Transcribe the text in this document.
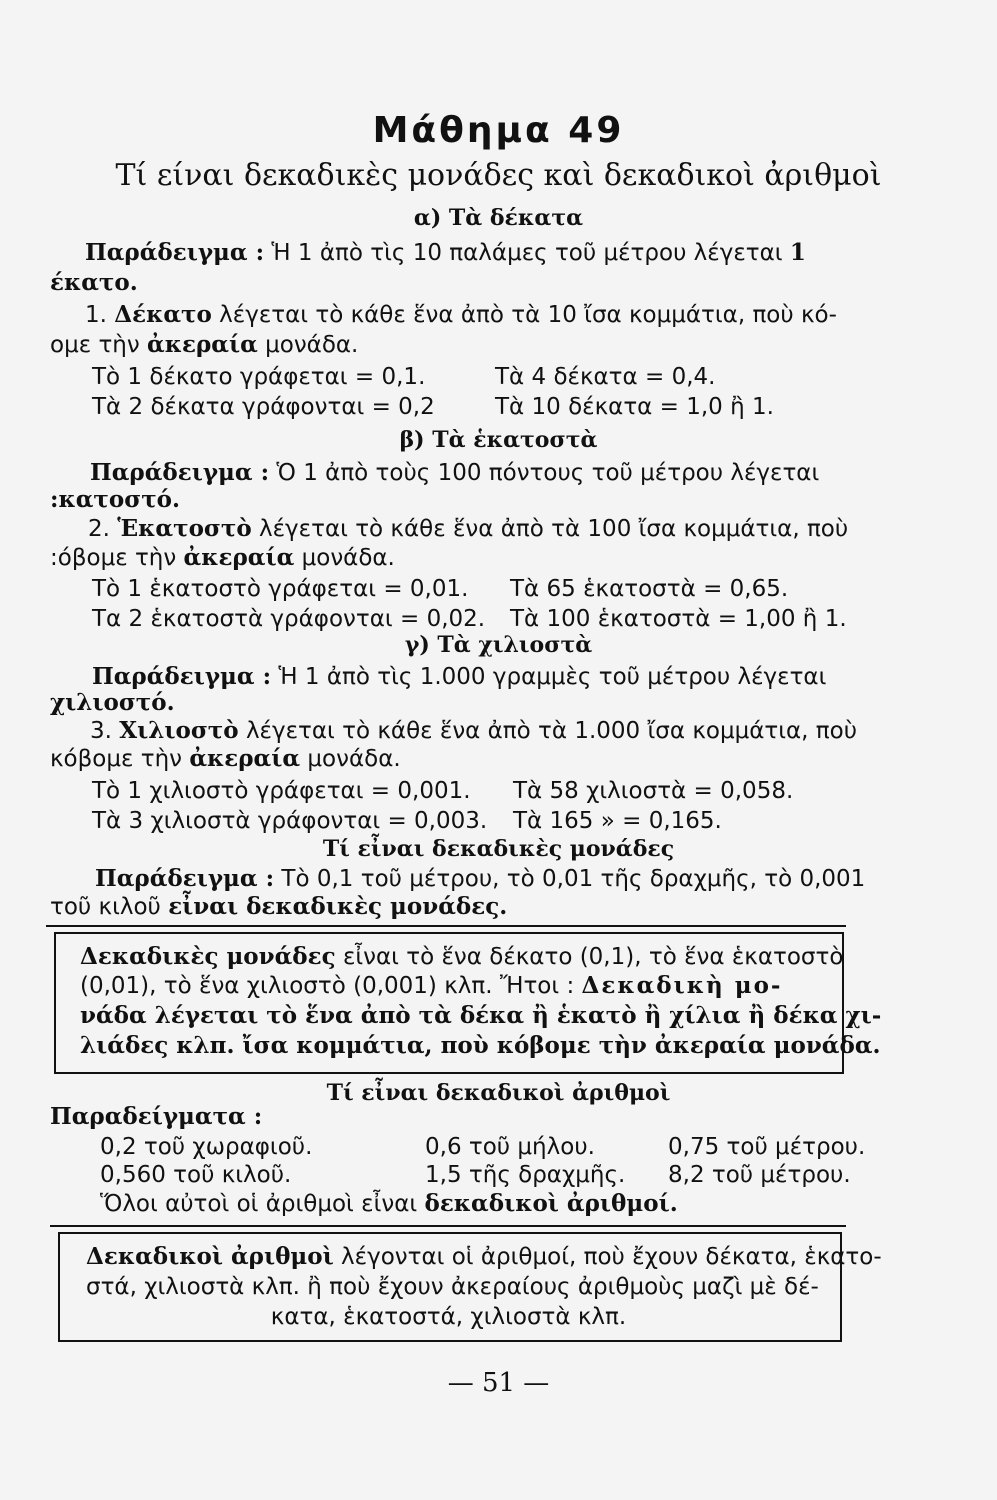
Μάθημα 49
Τί είναι δεκαδικὲς μονάδες καὶ δεκαδικοὶ ἀριθμοὶ
α) Τὰ δέκατα
Παράδειγμα : Ἡ 1 ἀπὸ τὶς 10 παλάμες τοῦ μέτρου λέγεται 1
έκατο.
1. Δέκατο λέγεται τὸ κάθε ἕνα ἀπὸ τὰ 10 ἴσα κομμάτια, ποὺ κό-
ομε τὴν ἀκεραία μονάδα.
Τὸ 1 δέκατο γράφεται = 0,1.	Τὰ 4 δέκατα = 0,4.
Τὰ 2 δέκατα γράφονται = 0,2	Τὰ 10 δέκατα = 1,0 ἢ 1.
β) Τὰ ἑκατοστὰ
Παράδειγμα : Ὁ 1 ἀπὸ τοὺς 100 πόντους τοῦ μέτρου λέγεται
:κατοστό.
2. Ἑκατοστὸ λέγεται τὸ κάθε ἕνα ἀπὸ τὰ 100 ἴσα κομμάτια, ποὺ
:όβομε τὴν ἀκεραία μονάδα.
Τὸ 1 ἑκατοστὸ γράφεται = 0,01. Τὰ 65 ἑκατοστὰ = 0,65.
Τα 2 ἑκατοστὰ γράφονται = 0,02. Τὰ 100 ἑκατοστὰ = 1,00 ἢ 1.
γ) Τὰ χιλιοστὰ
Παράδειγμα : Ἡ 1 ἀπὸ τὶς 1.000 γραμμὲς τοῦ μέτρου λέγεται
χιλιοστό.
3. Χιλιοστὸ λέγεται τὸ κάθε ἕνα ἀπὸ τὰ 1.000 ἴσα κομμάτια, ποὺ
κόβομε τὴν ἀκεραία μονάδα.
Τὸ 1 χιλιοστὸ γράφεται = 0,001. Τὰ 58 χιλιοστὰ = 0,058.
Τὰ 3 χιλιοστὰ γράφονται = 0,003. Τὰ 165 » = 0,165.
Τί εἶναι δεκαδικὲς μονάδες
Παράδειγμα : Τὸ 0,1 τοῦ μέτρου, τὸ 0,01 τῆς δραχμῆς, τὸ 0,001
τοῦ κιλοῦ εἶναι δεκαδικὲς μονάδες.
Δεκαδικὲς μονάδες εἶναι τὸ ἕνα δέκατο (0,1), τὸ ἕνα ἑκατοστὸ
(0,01), τὸ ἕνα χιλιοστὸ (0,001) κλπ. Ἤτοι : Δεκαδικὴ μο-
νάδα λέγεται τὸ ἕνα ἀπὸ τὰ δέκα ἢ ἑκατὸ ἢ χίλια ἢ δέκα χι-
λιάδες κλπ. ἴσα κομμάτια, ποὺ κόβομε τὴν ἀκεραία μονάδα.
Τί εἶναι δεκαδικοὶ ἀριθμοὶ
Παραδείγματα :
0,2 τοῦ χωραφιοῦ.	0,6 τοῦ μήλου.	0,75 τοῦ μέτρου.
0,560 τοῦ κιλοῦ.	1,5 τῆς δραχμῆς. 8,2 τοῦ μέτρου.
Ὅλοι αὐτοὶ οἱ ἀριθμοὶ εἶναι δεκαδικοὶ ἀριθμοί.
Δεκαδικοὶ ἀριθμοὶ λέγονται οἱ ἀριθμοί, ποὺ ἔχουν δέκατα, ἑκατο-
στά, χιλιοστὰ κλπ. ἢ ποὺ ἔχουν ἀκεραίους ἀριθμοὺς μαζὶ μὲ δέ-
κατα, ἑκατοστά, χιλιοστὰ κλπ.
— 51 —
